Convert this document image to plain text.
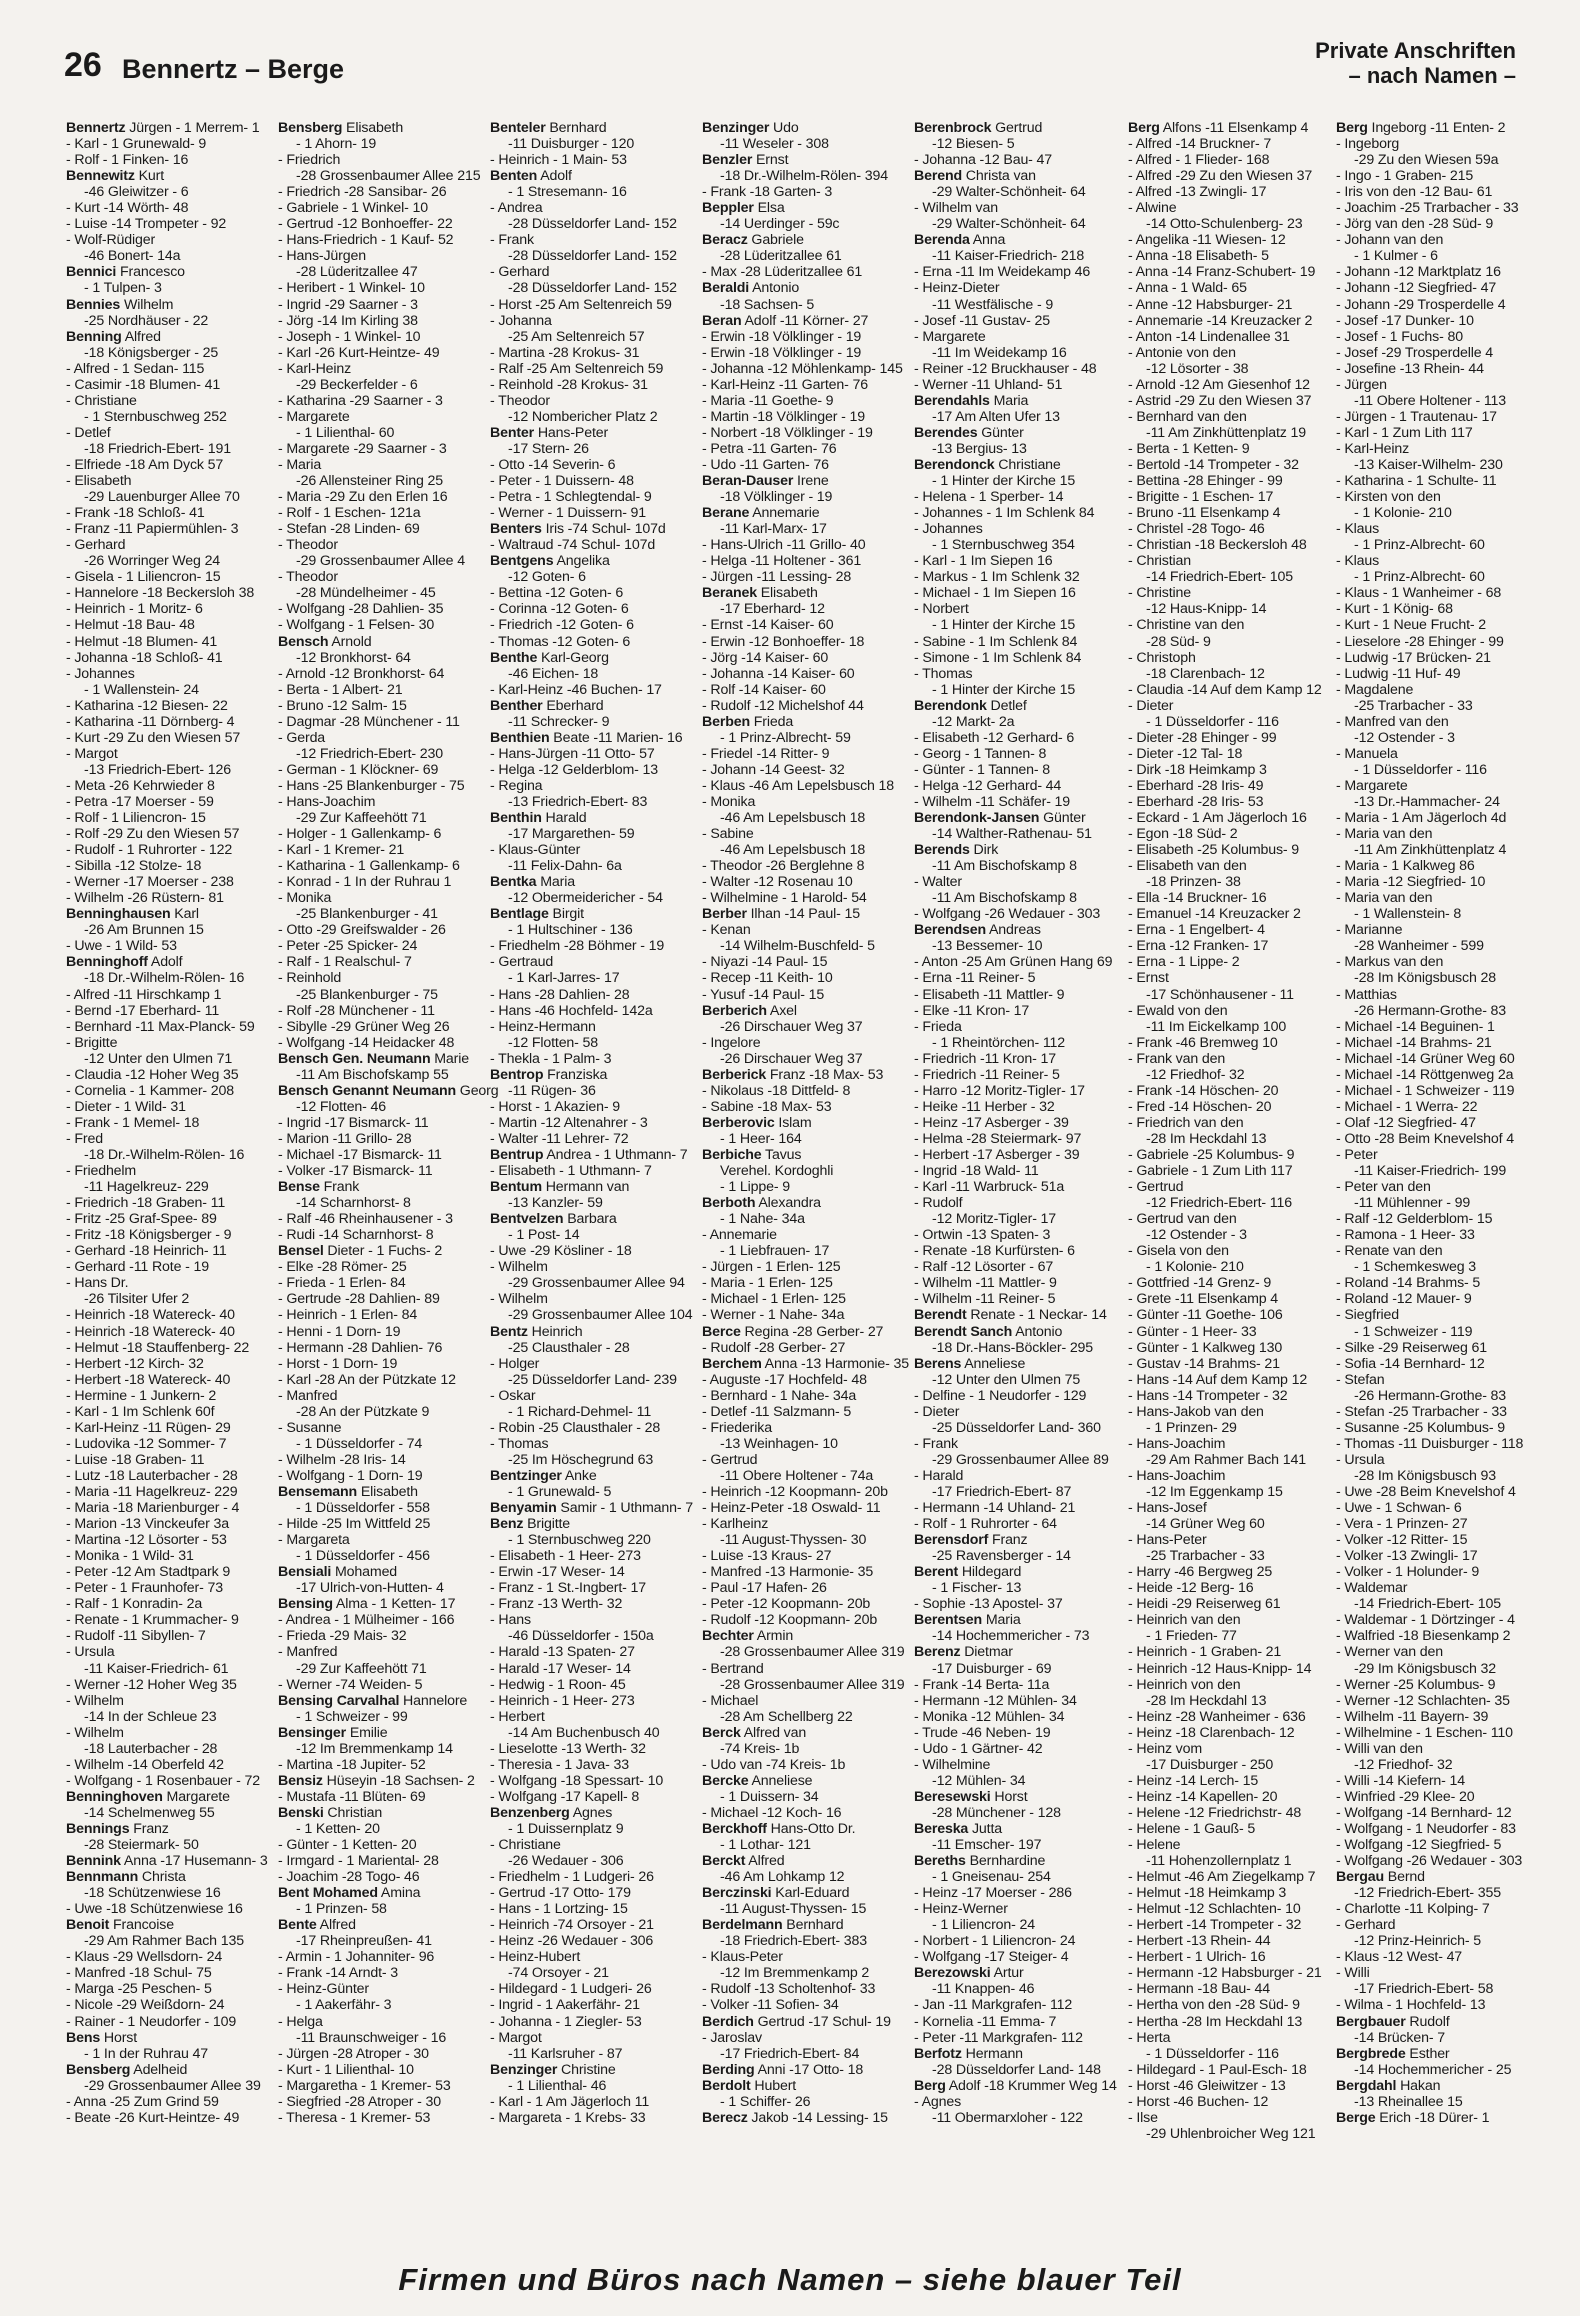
26 Bennertz – Berge
Private Anschriften
– nach Namen –
Bennertz Jürgen - 1 Merrem- 1
- Karl - 1 Grunewald- 9
- Rolf - 1 Finken- 16
Bennewitz Kurt
-46 Gleiwitzer - 6
- Kurt -14 Wörth- 48
- Luise -14 Trompeter - 92
- Wolf-Rüdiger
-46 Bonert- 14a
Bennici Francesco
- 1 Tulpen- 3
Bennies Wilhelm
-25 Nordhäuser - 22
Benning Alfred
-18 Königsberger - 25
- Alfred - 1 Sedan- 115
- Casimir -18 Blumen- 41
- Christiane
- 1 Sternbuschweg 252
- Detlef
-18 Friedrich-Ebert- 191
- Elfriede -18 Am Dyck 57
- Elisabeth
-29 Lauenburger Allee 70
- Frank -18 Schloß- 41
- Franz -11 Papiermühlen- 3
- Gerhard
-26 Worringer Weg 24
- Gisela - 1 Liliencron- 15
- Hannelore -18 Beckersloh 38
- Heinrich - 1 Moritz- 6
- Helmut -18 Bau- 48
- Helmut -18 Blumen- 41
- Johanna -18 Schloß- 41
- Johannes
- 1 Wallenstein- 24
- Katharina -12 Biesen- 22
- Katharina -11 Dörnberg- 4
- Kurt -29 Zu den Wiesen 57
- Margot
-13 Friedrich-Ebert- 126
- Meta -26 Kehrwieder 8
- Petra -17 Moerser - 59
- Rolf - 1 Liliencron- 15
- Rolf -29 Zu den Wiesen 57
- Rudolf - 1 Ruhrorter - 122
- Sibilla -12 Stolze- 18
- Werner -17 Moerser - 238
- Wilhelm -26 Rüstern- 81
Benninghausen Karl
-26 Am Brunnen 15
- Uwe - 1 Wild- 53
Benninghoff Adolf
-18 Dr.-Wilhelm-Rölen- 16
- Alfred -11 Hirschkamp 1
- Bernd -17 Eberhard- 11
- Bernhard -11 Max-Planck- 59
- Brigitte
-12 Unter den Ulmen 71
- Claudia -12 Hoher Weg 35
- Cornelia - 1 Kammer- 208
- Dieter - 1 Wild- 31
- Frank - 1 Memel- 18
- Fred
-18 Dr.-Wilhelm-Rölen- 16
- Friedhelm
-11 Hagelkreuz- 229
- Friedrich -18 Graben- 11
- Fritz -25 Graf-Spee- 89
- Fritz -18 Königsberger - 9
- Gerhard -18 Heinrich- 11
- Gerhard -11 Rote - 19
- Hans Dr.
-26 Tilsiter Ufer 2
- Heinrich -18 Watereck- 40
- Heinrich -18 Watereck- 40
- Helmut -18 Stauffenberg- 22
- Herbert -12 Kirch- 32
- Herbert -18 Watereck- 40
- Hermine - 1 Junkern- 2
- Karl - 1 Im Schlenk 60f
- Karl-Heinz -11 Rügen- 29
- Ludovika -12 Sommer- 7
- Luise -18 Graben- 11
- Lutz -18 Lauterbacher - 28
- Maria -11 Hagelkreuz- 229
- Maria -18 Marienburger - 4
- Marion -13 Vinckeufer 3a
- Martina -12 Lösorter - 53
- Monika - 1 Wild- 31
- Peter -12 Am Stadtpark 9
- Peter - 1 Fraunhofer- 73
- Ralf - 1 Konradin- 2a
- Renate - 1 Krummacher- 9
- Rudolf -11 Sibyllen- 7
- Ursula
-11 Kaiser-Friedrich- 61
- Werner -12 Hoher Weg 35
- Wilhelm
-14 In der Schleue 23
- Wilhelm
-18 Lauterbacher - 28
- Wilhelm -14 Oberfeld 42
- Wolfgang - 1 Rosenbauer - 72
Benninghoven Margarete
-14 Schelmenweg 55
Bennings Franz
-28 Steiermark- 50
Bennink Anna -17 Husemann- 3
Bennmann Christa
-18 Schützenwiese 16
- Uwe -18 Schützenwiese 16
Benoit Francoise
-29 Am Rahmer Bach 135
- Klaus -29 Wellsdorn- 24
- Manfred -18 Schul- 75
- Marga -25 Peschen- 5
- Nicole -29 Weißdorn- 24
- Rainer - 1 Neudorfer - 109
Bens Horst
- 1 In der Ruhrau 47
Bensberg Adelheid
-29 Grossenbaumer Allee 39
- Anna -25 Zum Grind 59
- Beate -26 Kurt-Heintze- 49
Bensberg Elisabeth
- 1 Ahorn- 19
- Friedrich
-28 Grossenbaumer Allee 215
- Friedrich -28 Sansibar- 26
- Gabriele - 1 Winkel- 10
- Gertrud -12 Bonhoeffer- 22
- Hans-Friedrich - 1 Kauf- 52
- Hans-Jürgen
-28 Lüderitzallee 47
- Heribert - 1 Winkel- 10
- Ingrid -29 Saarner - 3
- Jörg -14 Im Kirling 38
- Joseph - 1 Winkel- 10
- Karl -26 Kurt-Heintze- 49
- Karl-Heinz
-29 Beckerfelder - 6
- Katharina -29 Saarner - 3
- Margarete
- 1 Lilienthal- 60
- Margarete -29 Saarner - 3
- Maria
-26 Allensteiner Ring 25
- Maria -29 Zu den Erlen 16
- Rolf - 1 Eschen- 121a
- Stefan -28 Linden- 69
- Theodor
-29 Grossenbaumer Allee 4
- Theodor
-28 Mündelheimer - 45
- Wolfgang -28 Dahlien- 35
- Wolfgang - 1 Felsen- 30
Bensch Arnold
-12 Bronkhorst- 64
- Arnold -12 Bronkhorst- 64
- Berta - 1 Albert- 21
- Bruno -12 Salm- 15
- Dagmar -28 Münchener - 11
- Gerda
-12 Friedrich-Ebert- 230
- German - 1 Klöckner- 69
- Hans -25 Blankenburger - 75
- Hans-Joachim
-29 Zur Kaffeehött 71
- Holger - 1 Gallenkamp- 6
- Karl - 1 Kremer- 21
- Katharina - 1 Gallenkamp- 6
- Konrad - 1 In der Ruhrau 1
- Monika
-25 Blankenburger - 41
- Otto -29 Greifswalder - 26
- Peter -25 Spicker- 24
- Ralf - 1 Realschul- 7
- Reinhold
-25 Blankenburger - 75
- Rolf -28 Münchener - 11
- Sibylle -29 Grüner Weg 26
- Wolfgang -14 Heidacker 48
Bensch Gen. Neumann Marie
-11 Am Bischofskamp 55
Bensch Genannt Neumann Georg
-12 Flotten- 46
- Ingrid -17 Bismarck- 11
- Marion -11 Grillo- 28
- Michael -17 Bismarck- 11
- Volker -17 Bismarck- 11
Bense Frank
-14 Scharnhorst- 8
- Ralf -46 Rheinhausener - 3
- Rudi -14 Scharnhorst- 8
Bensel Dieter - 1 Fuchs- 2
- Elke -28 Römer- 25
- Frieda - 1 Erlen- 84
- Gertrude -28 Dahlien- 89
- Heinrich - 1 Erlen- 84
- Henni - 1 Dorn- 19
- Hermann -28 Dahlien- 76
- Horst - 1 Dorn- 19
- Karl -28 An der Pützkate 12
- Manfred
-28 An der Pützkate 9
- Susanne
- 1 Düsseldorfer - 74
- Wilhelm -28 Iris- 14
- Wolfgang - 1 Dorn- 19
Bensemann Elisabeth
- 1 Düsseldorfer - 558
- Hilde -25 Im Wittfeld 25
- Margareta
- 1 Düsseldorfer - 456
Bensiali Mohamed
-17 Ulrich-von-Hutten- 4
Bensing Alma - 1 Ketten- 17
- Andrea - 1 Mülheimer - 166
- Frieda -29 Mais- 32
- Manfred
-29 Zur Kaffeehött 71
- Werner -74 Weiden- 5
Bensing Carvalhal Hannelore
- 1 Schweizer - 99
Bensinger Emilie
-12 Im Bremmenkamp 14
- Martina -18 Jupiter- 52
Bensiz Hüseyin -18 Sachsen- 2
- Mustafa -11 Blüten- 69
Benski Christian
- 1 Ketten- 20
- Günter - 1 Ketten- 20
- Irmgard - 1 Mariental- 28
- Joachim -28 Togo- 46
Bent Mohamed Amina
- 1 Prinzen- 58
Bente Alfred
-17 Rheinpreußen- 41
- Armin - 1 Johanniter- 96
- Frank -14 Arndt- 3
- Heinz-Günter
- 1 Aakerfähr- 3
- Helga
-11 Braunschweiger - 16
- Jürgen -28 Atroper - 30
- Kurt - 1 Lilienthal- 10
- Margaretha - 1 Kremer- 53
- Siegfried -28 Atroper - 30
- Theresa - 1 Kremer- 53
Benteler Bernhard
-11 Duisburger - 120
- Heinrich - 1 Main- 53
Benten Adolf
- 1 Stresemann- 16
- Andrea
-28 Düsseldorfer Land- 152
- Frank
-28 Düsseldorfer Land- 152
- Gerhard
-28 Düsseldorfer Land- 152
- Horst -25 Am Seltenreich 59
- Johanna
-25 Am Seltenreich 57
- Martina -28 Krokus- 31
- Ralf -25 Am Seltenreich 59
- Reinhold -28 Krokus- 31
- Theodor
-12 Nombericher Platz 2
Benter Hans-Peter
-17 Stern- 26
- Otto -14 Severin- 6
- Peter - 1 Duissern- 48
- Petra - 1 Schlegtendal- 9
- Werner - 1 Duissern- 91
Benters Iris -74 Schul- 107d
- Waltraud -74 Schul- 107d
Bentgens Angelika
-12 Goten- 6
- Bettina -12 Goten- 6
- Corinna -12 Goten- 6
- Friedrich -12 Goten- 6
- Thomas -12 Goten- 6
Benthe Karl-Georg
-46 Eichen- 18
- Karl-Heinz -46 Buchen- 17
Benther Eberhard
-11 Schrecker- 9
Benthien Beate -11 Marien- 16
- Hans-Jürgen -11 Otto- 57
- Helga -12 Gelderblom- 13
- Regina
-13 Friedrich-Ebert- 83
Benthin Harald
-17 Margarethen- 59
- Klaus-Günter
-11 Felix-Dahn- 6a
Bentka Maria
-12 Obermeidericher - 54
Bentlage Birgit
- 1 Hultschiner - 136
- Friedhelm -28 Böhmer - 19
- Gertraud
- 1 Karl-Jarres- 17
- Hans -28 Dahlien- 28
- Hans -46 Hochfeld- 142a
- Heinz-Hermann
-12 Flotten- 58
- Thekla - 1 Palm- 3
Bentrop Franziska
-11 Rügen- 36
- Horst - 1 Akazien- 9
- Martin -12 Altenahrer - 3
- Walter -11 Lehrer- 72
Bentrup Andrea - 1 Uthmann- 7
- Elisabeth - 1 Uthmann- 7
Bentum Hermann van
-13 Kanzler- 59
Bentvelzen Barbara
- 1 Post- 14
- Uwe -29 Kösliner - 18
- Wilhelm
-29 Grossenbaumer Allee 94
- Wilhelm
-29 Grossenbaumer Allee 104
Bentz Heinrich
-25 Clausthaler - 28
- Holger
-25 Düsseldorfer Land- 239
- Oskar
- 1 Richard-Dehmel- 11
- Robin -25 Clausthaler - 28
- Thomas
-25 Im Höschegrund 63
Bentzinger Anke
- 1 Grunewald- 5
Benyamin Samir - 1 Uthmann- 7
Benz Brigitte
- 1 Sternbuschweg 220
- Elisabeth - 1 Heer- 273
- Erwin -17 Weser- 14
- Franz - 1 St.-Ingbert- 17
- Franz -13 Werth- 32
- Hans
-46 Düsseldorfer - 150a
- Harald -13 Spaten- 27
- Harald -17 Weser- 14
- Hedwig - 1 Roon- 45
- Heinrich - 1 Heer- 273
- Herbert
-14 Am Buchenbusch 40
- Lieselotte -13 Werth- 32
- Theresia - 1 Java- 33
- Wolfgang -18 Spessart- 10
- Wolfgang -17 Kapell- 8
Benzenberg Agnes
- 1 Duissernplatz 9
- Christiane
-26 Wedauer - 306
- Friedhelm - 1 Ludgeri- 26
- Gertrud -17 Otto- 179
- Hans - 1 Lortzing- 15
- Heinrich -74 Orsoyer - 21
- Heinz -26 Wedauer - 306
- Heinz-Hubert
-74 Orsoyer - 21
- Hildegard - 1 Ludgeri- 26
- Ingrid - 1 Aakerfähr- 21
- Johanna - 1 Ziegler- 53
- Margot
-11 Karlsruher - 87
Benzinger Christine
- 1 Lilienthal- 46
- Karl - 1 Am Jägerloch 11
- Margareta - 1 Krebs- 33
Benzinger Udo
-11 Weseler - 308
Benzler Ernst
-18 Dr.-Wilhelm-Rölen- 394
- Frank -18 Garten- 3
Beppler Elsa
-14 Uerdinger - 59c
Beracz Gabriele
-28 Lüderitzallee 61
- Max -28 Lüderitzallee 61
Beraldi Antonio
-18 Sachsen- 5
Beran Adolf -11 Körner- 27
- Erwin -18 Völklinger - 19
- Erwin -18 Völklinger - 19
- Johanna -12 Möhlenkamp- 145
- Karl-Heinz -11 Garten- 76
- Maria -11 Goethe- 9
- Martin -18 Völklinger - 19
- Norbert -18 Völklinger - 19
- Petra -11 Garten- 76
- Udo -11 Garten- 76
Beran-Dauser Irene
-18 Völklinger - 19
Berane Annemarie
-11 Karl-Marx- 17
- Hans-Ulrich -11 Grillo- 40
- Helga -11 Holtener - 361
- Jürgen -11 Lessing- 28
Beranek Elisabeth
-17 Eberhard- 12
- Ernst -14 Kaiser- 60
- Erwin -12 Bonhoeffer- 18
- Jörg -14 Kaiser- 60
- Johanna -14 Kaiser- 60
- Rolf -14 Kaiser- 60
- Rudolf -12 Michelshof 44
Berben Frieda
- 1 Prinz-Albrecht- 59
- Friedel -14 Ritter- 9
- Johann -14 Geest- 32
- Klaus -46 Am Lepelsbusch 18
- Monika
-46 Am Lepelsbusch 18
- Sabine
-46 Am Lepelsbusch 18
- Theodor -26 Berglehne 8
- Walter -12 Rosenau 10
- Wilhelmine - 1 Harold- 54
Berber Ilhan -14 Paul- 15
- Kenan
-14 Wilhelm-Buschfeld- 5
- Niyazi -14 Paul- 15
- Recep -11 Keith- 10
- Yusuf -14 Paul- 15
Berberich Axel
-26 Dirschauer Weg 37
- Ingelore
-26 Dirschauer Weg 37
Berberick Franz -18 Max- 53
- Nikolaus -18 Dittfeld- 8
- Sabine -18 Max- 53
Berberovic Islam
- 1 Heer- 164
Berbiche Tavus
Verehel. Kordoghli
- 1 Lippe- 9
Berboth Alexandra
- 1 Nahe- 34a
- Annemarie
- 1 Liebfrauen- 17
- Jürgen - 1 Erlen- 125
- Maria - 1 Erlen- 125
- Michael - 1 Erlen- 125
- Werner - 1 Nahe- 34a
Berce Regina -28 Gerber- 27
- Rudolf -28 Gerber- 27
Berchem Anna -13 Harmonie- 35
- Auguste -17 Hochfeld- 48
- Bernhard - 1 Nahe- 34a
- Detlef -11 Salzmann- 5
- Friederika
-13 Weinhagen- 10
- Gertrud
-11 Obere Holtener - 74a
- Heinrich -12 Koopmann- 20b
- Heinz-Peter -18 Oswald- 11
- Karlheinz
-11 August-Thyssen- 30
- Luise -13 Kraus- 27
- Manfred -13 Harmonie- 35
- Paul -17 Hafen- 26
- Peter -12 Koopmann- 20b
- Rudolf -12 Koopmann- 20b
Bechter Armin
-28 Grossenbaumer Allee 319
- Bertrand
-28 Grossenbaumer Allee 319
- Michael
-28 Am Schellberg 22
Berck Alfred van
-74 Kreis- 1b
- Udo van -74 Kreis- 1b
Bercke Anneliese
- 1 Duissern- 34
- Michael -12 Koch- 16
Berckhoff Hans-Otto Dr.
- 1 Lothar- 121
Berckt Alfred
-46 Am Lohkamp 12
Berczinski Karl-Eduard
-11 August-Thyssen- 15
Berdelmann Bernhard
-18 Friedrich-Ebert- 383
- Klaus-Peter
-12 Im Bremmenkamp 2
- Rudolf -13 Scholtenhof- 33
- Volker -11 Sofien- 34
Berdich Gertrud -17 Schul- 19
- Jaroslav
-17 Friedrich-Ebert- 84
Berding Anni -17 Otto- 18
Berdolt Hubert
- 1 Schiffer- 26
Berecz Jakob -14 Lessing- 15
Berenbrock Gertrud
-12 Biesen- 5
- Johanna -12 Bau- 47
Berend Christa van
-29 Walter-Schönheit- 64
- Wilhelm van
-29 Walter-Schönheit- 64
Berenda Anna
-11 Kaiser-Friedrich- 218
- Erna -11 Im Weidekamp 46
- Heinz-Dieter
-11 Westfälische - 9
- Josef -11 Gustav- 25
- Margarete
-11 Im Weidekamp 16
- Reiner -12 Bruckhauser - 48
- Werner -11 Uhland- 51
Berendahls Maria
-17 Am Alten Ufer 13
Berendes Günter
-13 Bergius- 13
Berendonck Christiane
- 1 Hinter der Kirche 15
- Helena - 1 Sperber- 14
- Johannes - 1 Im Schlenk 84
- Johannes
- 1 Sternbuschweg 354
- Karl - 1 Im Siepen 16
- Markus - 1 Im Schlenk 32
- Michael - 1 Im Siepen 16
- Norbert
- 1 Hinter der Kirche 15
- Sabine - 1 Im Schlenk 84
- Simone - 1 Im Schlenk 84
- Thomas
- 1 Hinter der Kirche 15
Berendonk Detlef
-12 Markt- 2a
- Elisabeth -12 Gerhard- 6
- Georg - 1 Tannen- 8
- Günter - 1 Tannen- 8
- Helga -12 Gerhard- 44
- Wilhelm -11 Schäfer- 19
Berendonk-Jansen Günter
-14 Walther-Rathenau- 51
Berends Dirk
-11 Am Bischofskamp 8
- Walter
-11 Am Bischofskamp 8
- Wolfgang -26 Wedauer - 303
Berendsen Andreas
-13 Bessemer- 10
- Anton -25 Am Grünen Hang 69
- Erna -11 Reiner- 5
- Elisabeth -11 Mattler- 9
- Elke -11 Kron- 17
- Frieda
- 1 Rheintörchen- 112
- Friedrich -11 Kron- 17
- Friedrich -11 Reiner- 5
- Harro -12 Moritz-Tigler- 17
- Heike -11 Herber - 32
- Heinz -17 Asberger - 39
- Helma -28 Steiermark- 97
- Herbert -17 Asberger - 39
- Ingrid -18 Wald- 11
- Karl -11 Warbruck- 51a
- Rudolf
-12 Moritz-Tigler- 17
- Ortwin -13 Spaten- 3
- Renate -18 Kurfürsten- 6
- Ralf -12 Lösorter - 67
- Wilhelm -11 Mattler- 9
- Wilhelm -11 Reiner- 5
Berendt Renate - 1 Neckar- 14
Berendt Sanch Antonio
-18 Dr.-Hans-Böckler- 295
Berens Anneliese
-12 Unter den Ulmen 75
- Delfine - 1 Neudorfer - 129
- Dieter
-25 Düsseldorfer Land- 360
- Frank
-29 Grossenbaumer Allee 89
- Harald
-17 Friedrich-Ebert- 87
- Hermann -14 Uhland- 21
- Rolf - 1 Ruhrorter - 64
Berensdorf Franz
-25 Ravensberger - 14
Berent Hildegard
- 1 Fischer- 13
- Sophie -13 Apostel- 37
Berentsen Maria
-14 Hochemmericher - 73
Berenz Dietmar
-17 Duisburger - 69
- Frank -14 Berta- 11a
- Hermann -12 Mühlen- 34
- Monika -12 Mühlen- 34
- Trude -46 Neben- 19
- Udo - 1 Gärtner- 42
- Wilhelmine
-12 Mühlen- 34
Beresewski Horst
-28 Münchener - 128
Bereska Jutta
-11 Emscher- 197
Bereths Bernhardine
- 1 Gneisenau- 254
- Heinz -17 Moerser - 286
- Heinz-Werner
- 1 Liliencron- 24
- Norbert - 1 Liliencron- 24
- Wolfgang -17 Steiger- 4
Berezowski Artur
-11 Knappen- 46
- Jan -11 Markgrafen- 112
- Kornelia -11 Emma- 7
- Peter -11 Markgrafen- 112
Berfotz Hermann
-28 Düsseldorfer Land- 148
Berg Adolf -18 Krummer Weg 14
- Agnes
-11 Obermarxloher - 122
Berg Alfons -11 Elsenkamp 4
- Alfred -14 Bruckner- 7
- Alfred - 1 Flieder- 168
- Alfred -29 Zu den Wiesen 37
- Alfred -13 Zwingli- 17
- Alwine
-14 Otto-Schulenberg- 23
- Angelika -11 Wiesen- 12
- Anna -18 Elisabeth- 5
- Anna -14 Franz-Schubert- 19
- Anna - 1 Wald- 65
- Anne -12 Habsburger- 21
- Annemarie -14 Kreuzacker 2
- Anton -14 Lindenallee 31
- Antonie von den
-12 Lösorter - 38
- Arnold -12 Am Giesenhof 12
- Astrid -29 Zu den Wiesen 37
- Bernhard van den
-11 Am Zinkhüttenplatz 19
- Berta - 1 Ketten- 9
- Bertold -14 Trompeter - 32
- Bettina -28 Ehinger - 99
- Brigitte - 1 Eschen- 17
- Bruno -11 Elsenkamp 4
- Christel -28 Togo- 46
- Christian -18 Beckersloh 48
- Christian
-14 Friedrich-Ebert- 105
- Christine
-12 Haus-Knipp- 14
- Christine van den
-28 Süd- 9
- Christoph
-18 Clarenbach- 12
- Claudia -14 Auf dem Kamp 12
- Dieter
- 1 Düsseldorfer - 116
- Dieter -28 Ehinger - 99
- Dieter -12 Tal- 18
- Dirk -18 Heimkamp 3
- Eberhard -28 Iris- 49
- Eberhard -28 Iris- 53
- Eckard - 1 Am Jägerloch 16
- Egon -18 Süd- 2
- Elisabeth -25 Kolumbus- 9
- Elisabeth van den
-18 Prinzen- 38
- Ella -14 Bruckner- 16
- Emanuel -14 Kreuzacker 2
- Erna - 1 Engelbert- 4
- Erna -12 Franken- 17
- Erna - 1 Lippe- 2
- Ernst
-17 Schönhausener - 11
- Ewald von den
-11 Im Eickelkamp 100
- Frank -46 Bremweg 10
- Frank van den
-12 Friedhof- 32
- Frank -14 Höschen- 20
- Fred -14 Höschen- 20
- Friedrich van den
-28 Im Heckdahl 13
- Gabriele -25 Kolumbus- 9
- Gabriele - 1 Zum Lith 117
- Gertrud
-12 Friedrich-Ebert- 116
- Gertrud van den
-12 Ostender - 3
- Gisela von den
- 1 Kolonie- 210
- Gottfried -14 Grenz- 9
- Grete -11 Elsenkamp 4
- Günter -11 Goethe- 106
- Günter - 1 Heer- 33
- Günter - 1 Kalkweg 130
- Gustav -14 Brahms- 21
- Hans -14 Auf dem Kamp 12
- Hans -14 Trompeter - 32
- Hans-Jakob van den
- 1 Prinzen- 29
- Hans-Joachim
-29 Am Rahmer Bach 141
- Hans-Joachim
-12 Im Eggenkamp 15
- Hans-Josef
-14 Grüner Weg 60
- Hans-Peter
-25 Trarbacher - 33
- Harry -46 Bergweg 25
- Heide -12 Berg- 16
- Heidi -29 Reiserweg 61
- Heinrich van den
- 1 Frieden- 77
- Heinrich - 1 Graben- 21
- Heinrich -12 Haus-Knipp- 14
- Heinrich von den
-28 Im Heckdahl 13
- Heinz -28 Wanheimer - 636
- Heinz -18 Clarenbach- 12
- Heinz vom
-17 Duisburger - 250
- Heinz -14 Lerch- 15
- Heinz -14 Kapellen- 20
- Helene -12 Friedrichstr- 48
- Helene - 1 Gauß- 5
- Helene
-11 Hohenzollernplatz 1
- Helmut -46 Am Ziegelkamp 7
- Helmut -18 Heimkamp 3
- Helmut -12 Schlachten- 10
- Herbert -14 Trompeter - 32
- Herbert -13 Rhein- 44
- Herbert - 1 Ulrich- 16
- Hermann -12 Habsburger - 21
- Hermann -18 Bau- 44
- Hertha von den -28 Süd- 9
- Hertha -28 Im Heckdahl 13
- Herta
- 1 Düsseldorfer - 116
- Hildegard - 1 Paul-Esch- 18
- Horst -46 Gleiwitzer - 13
- Horst -46 Buchen- 12
- Ilse
-29 Uhlenbroicher Weg 121
Berg Ingeborg -11 Enten- 2
- Ingeborg
-29 Zu den Wiesen 59a
- Ingo - 1 Graben- 215
- Iris von den -12 Bau- 61
- Joachim -25 Trarbacher - 33
- Jörg van den -28 Süd- 9
- Johann van den
- 1 Kulmer - 6
- Johann -12 Marktplatz 16
- Johann -12 Siegfried- 47
- Johann -29 Trosperdelle 4
- Josef -17 Dunker- 10
- Josef - 1 Fuchs- 80
- Josef -29 Trosperdelle 4
- Josefine -13 Rhein- 44
- Jürgen
-11 Obere Holtener - 113
- Jürgen - 1 Trautenau- 17
- Karl - 1 Zum Lith 117
- Karl-Heinz
-13 Kaiser-Wilhelm- 230
- Katharina - 1 Schulte- 11
- Kirsten von den
- 1 Kolonie- 210
- Klaus
- 1 Prinz-Albrecht- 60
- Klaus
- 1 Prinz-Albrecht- 60
- Klaus - 1 Wanheimer - 68
- Kurt - 1 König- 68
- Kurt - 1 Neue Frucht- 2
- Lieselore -28 Ehinger - 99
- Ludwig -17 Brücken- 21
- Ludwig -11 Huf- 49
- Magdalene
-25 Trarbacher - 33
- Manfred van den
-12 Ostender - 3
- Manuela
- 1 Düsseldorfer - 116
- Margarete
-13 Dr.-Hammacher- 24
- Maria - 1 Am Jägerloch 4d
- Maria van den
-11 Am Zinkhüttenplatz 4
- Maria - 1 Kalkweg 86
- Maria -12 Siegfried- 10
- Maria van den
- 1 Wallenstein- 8
- Marianne
-28 Wanheimer - 599
- Markus van den
-28 Im Königsbusch 28
- Matthias
-26 Hermann-Grothe- 83
- Michael -14 Beguinen- 1
- Michael -14 Brahms- 21
- Michael -14 Grüner Weg 60
- Michael -14 Röttgenweg 2a
- Michael - 1 Schweizer - 119
- Michael - 1 Werra- 22
- Olaf -12 Siegfried- 47
- Otto -28 Beim Knevelshof 4
- Peter
-11 Kaiser-Friedrich- 199
- Peter van den
-11 Mühlenner - 99
- Ralf -12 Gelderblom- 15
- Ramona - 1 Heer- 33
- Renate van den
- 1 Schemkesweg 3
- Roland -14 Brahms- 5
- Roland -12 Mauer- 9
- Siegfried
- 1 Schweizer - 119
- Silke -29 Reiserweg 61
- Sofia -14 Bernhard- 12
- Stefan
-26 Hermann-Grothe- 83
- Stefan -25 Trarbacher - 33
- Susanne -25 Kolumbus- 9
- Thomas -11 Duisburger - 118
- Ursula
-28 Im Königsbusch 93
- Uwe -28 Beim Knevelshof 4
- Uwe - 1 Schwan- 6
- Vera - 1 Prinzen- 27
- Volker -12 Ritter- 15
- Volker -13 Zwingli- 17
- Volker - 1 Holunder- 9
- Waldemar
-14 Friedrich-Ebert- 105
- Waldemar - 1 Dörtzinger - 4
- Walfried -18 Biesenkamp 2
- Werner van den
-29 Im Königsbusch 32
- Werner -25 Kolumbus- 9
- Werner -12 Schlachten- 35
- Wilhelm -11 Bayern- 39
- Wilhelmine - 1 Eschen- 110
- Willi van den
-12 Friedhof- 32
- Willi -14 Kiefern- 14
- Winfried -29 Klee- 20
- Wolfgang -14 Bernhard- 12
- Wolfgang - 1 Neudorfer - 83
- Wolfgang -12 Siegfried- 5
- Wolfgang -26 Wedauer - 303
Bergau Bernd
-12 Friedrich-Ebert- 355
- Charlotte -11 Kolping- 7
- Gerhard
-12 Prinz-Heinrich- 5
- Klaus -12 West- 47
- Willi
-17 Friedrich-Ebert- 58
- Wilma - 1 Hochfeld- 13
Bergbauer Rudolf
-14 Brücken- 7
Bergbrede Esther
-14 Hochemmericher - 25
Bergdahl Hakan
-13 Rheinallee 15
Berge Erich -18 Dürer- 1
Firmen und Büros nach Namen – siehe blauer Teil
